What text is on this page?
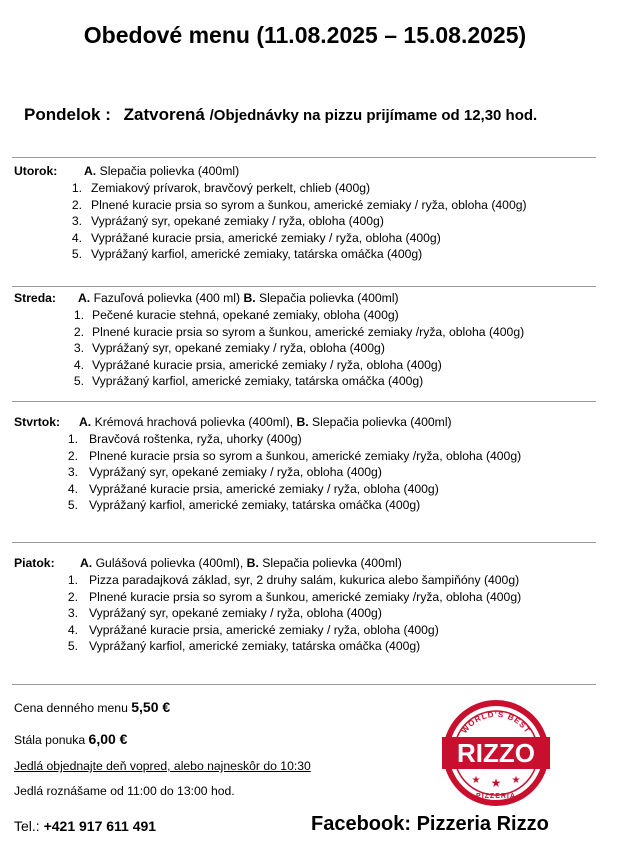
Obedové menu (11.08.2025 – 15.08.2025)
Pondelok : Zatvorená /Objednávky na pizzu prijímame od 12,30 hod.
Utorok: A. Slepačia polievka (400ml)
1. Zemiakový prívarok, bravčový perkelt, chlieb (400g)
2. Plnené kuracie prsia so syrom a šunkou, americké zemiaky / ryža, obloha (400g)
3. Vypráźaný syr, opekané zemiaky / ryža, obloha (400g)
4. Vyprážané kuracie prsia, americké zemiaky / ryža, obloha (400g)
5. Vyprážaný karfiol, americké zemiaky, tatárska omáčka (400g)
Streda: A. Fazuľová polievka (400 ml) B. Slepačia polievka (400ml)
1. Pečené kuracie stehná, opekané zemiaky, obloha (400g)
2. Plnené kuracie prsia so syrom a šunkou, americké zemiaky /ryža, obloha (400g)
3. Vyprážaný syr, opekané zemiaky / ryža, obloha (400g)
4. Vyprážané kuracie prsia, americké zemiaky / ryža, obloha (400g)
5. Vyprážaný karfiol, americké zemiaky, tatárska omáčka (400g)
Stvrtok: A. Krémová hrachová polievka (400ml), B. Slepačia polievka (400ml)
1. Bravčová roštenka, ryža, uhorky (400g)
2. Plnené kuracie prsia so syrom a šunkou, americké zemiaky /ryža, obloha (400g)
3. Vyprážaný syr, opekané zemiaky / ryža, obloha (400g)
4. Vyprážané kuracie prsia, americké zemiaky / ryža, obloha (400g)
5. Vyprážaný karfiol, americké zemiaky, tatárska omáčka (400g)
Piatok: A. Gulášová polievka (400ml), B. Slepačia polievka (400ml)
1. Pizza paradajková základ, syr, 2 druhy salám, kukurica alebo šampiňóny (400g)
2. Plnené kuracie prsia so syrom a šunkou, americké zemiaky /ryža, obloha (400g)
3. Vyprážaný syr, opekané zemiaky / ryža, obloha (400g)
4. Vyprážané kuracie prsia, americké zemiaky / ryža, obloha (400g)
5. Vyprážaný karfiol, americké zemiaky, tatárska omáčka (400g)
Cena denného menu 5,50 €
Stála ponuka 6,00 €
Jedlá objednajte deň vopred, alebo najneskôr do 10:30
Jedlá roznášame od 11:00 do 13:00 hod.
Tel.: +421 917 611 491	Facebook: Pizzeria Rizzo
WORLD'S BEST
RIZZO
★ ★ ★
PIZZERIA
